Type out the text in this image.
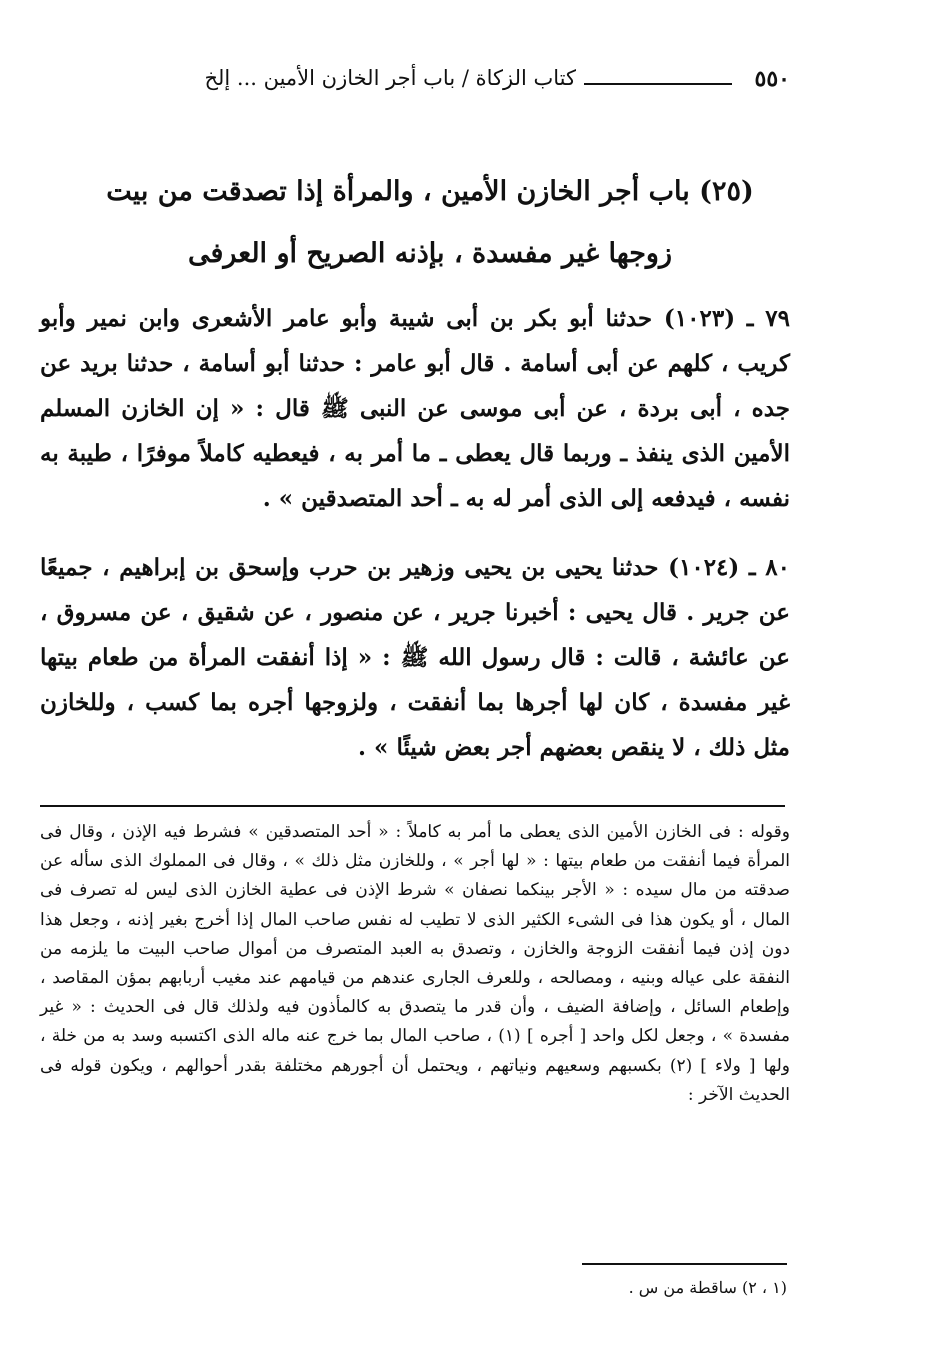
٥٥٠
كتاب الزكاة / باب أجر الخازن الأمين ... إلخ
(٢٥) باب أجر الخازن الأمين ، والمرأة إذا تصدقت من بيت
زوجها غير مفسدة ، بإذنه الصريح أو العرفى
٧٩ ـ (١٠٢٣) حدثنا أبو بكر بن أبى شيبة وأبو عامر الأشعرى وابن نمير وأبو كريب ، كلهم عن أبى أسامة . قال أبو عامر : حدثنا أبو أسامة ، حدثنا بريد عن جده ، أبى بردة ، عن أبى موسى عن النبى ﷺ قال : « إن الخازن المسلم الأمين الذى ينفذ ـ وربما قال يعطى ـ ما أمر به ، فيعطيه كاملاً موفرًا ، طيبة به نفسه ، فيدفعه إلى الذى أمر له به ـ أحد المتصدقين » .
٨٠ ـ (١٠٢٤) حدثنا يحيى بن يحيى وزهير بن حرب وإسحق بن إبراهيم ، جميعًا عن جرير . قال يحيى : أخبرنا جرير ، عن منصور ، عن شقيق ، عن مسروق ، عن عائشة ، قالت : قال رسول الله ﷺ : « إذا أنفقت المرأة من طعام بيتها غير مفسدة ، كان لها أجرها بما أنفقت ، ولزوجها أجره بما كسب ، وللخازن مثل ذلك ، لا ينقص بعضهم أجر بعض شيئًا » .
وقوله : فى الخازن الأمين الذى يعطى ما أمر به كاملاً : « أحد المتصدقين » فشرط فيه الإذن ، وقال فى المرأة فيما أنفقت من طعام بيتها : « لها أجر » ، وللخازن مثل ذلك » ، وقال فى المملوك الذى سأله عن صدقته من مال سيده : « الأجر بينكما نصفان » شرط الإذن فى عطية الخازن الذى ليس له تصرف فى المال ، أو يكون هذا فى الشىء الكثير الذى لا تطيب له نفس صاحب المال إذا أخرج بغير إذنه ، وجعل هذا دون إذن فيما أنفقت الزوجة والخازن ، وتصدق به العبد المتصرف من أموال صاحب البيت ما يلزمه من النفقة على عياله وبنيه ، ومصالحه ، وللعرف الجارى عندهم من قيامهم عند مغيب أربابهم بمؤن المقاصد ، وإطعام السائل ، وإضافة الضيف ، وأن قدر ما يتصدق به كالمأذون فيه ولذلك قال فى الحديث : « غير مفسدة » ، وجعل لكل واحد [ أجره ] (١) ، صاحب المال بما خرج عنه ماله الذى اكتسبه وسد به من خلة ، ولها [ ولاء ] (٢) بكسبهم وسعيهم ونياتهم ، ويحتمل أن أجورهم مختلفة بقدر أحوالهم ، ويكون قوله فى الحديث الآخر :
(١ ، ٢) ساقطة من س .
